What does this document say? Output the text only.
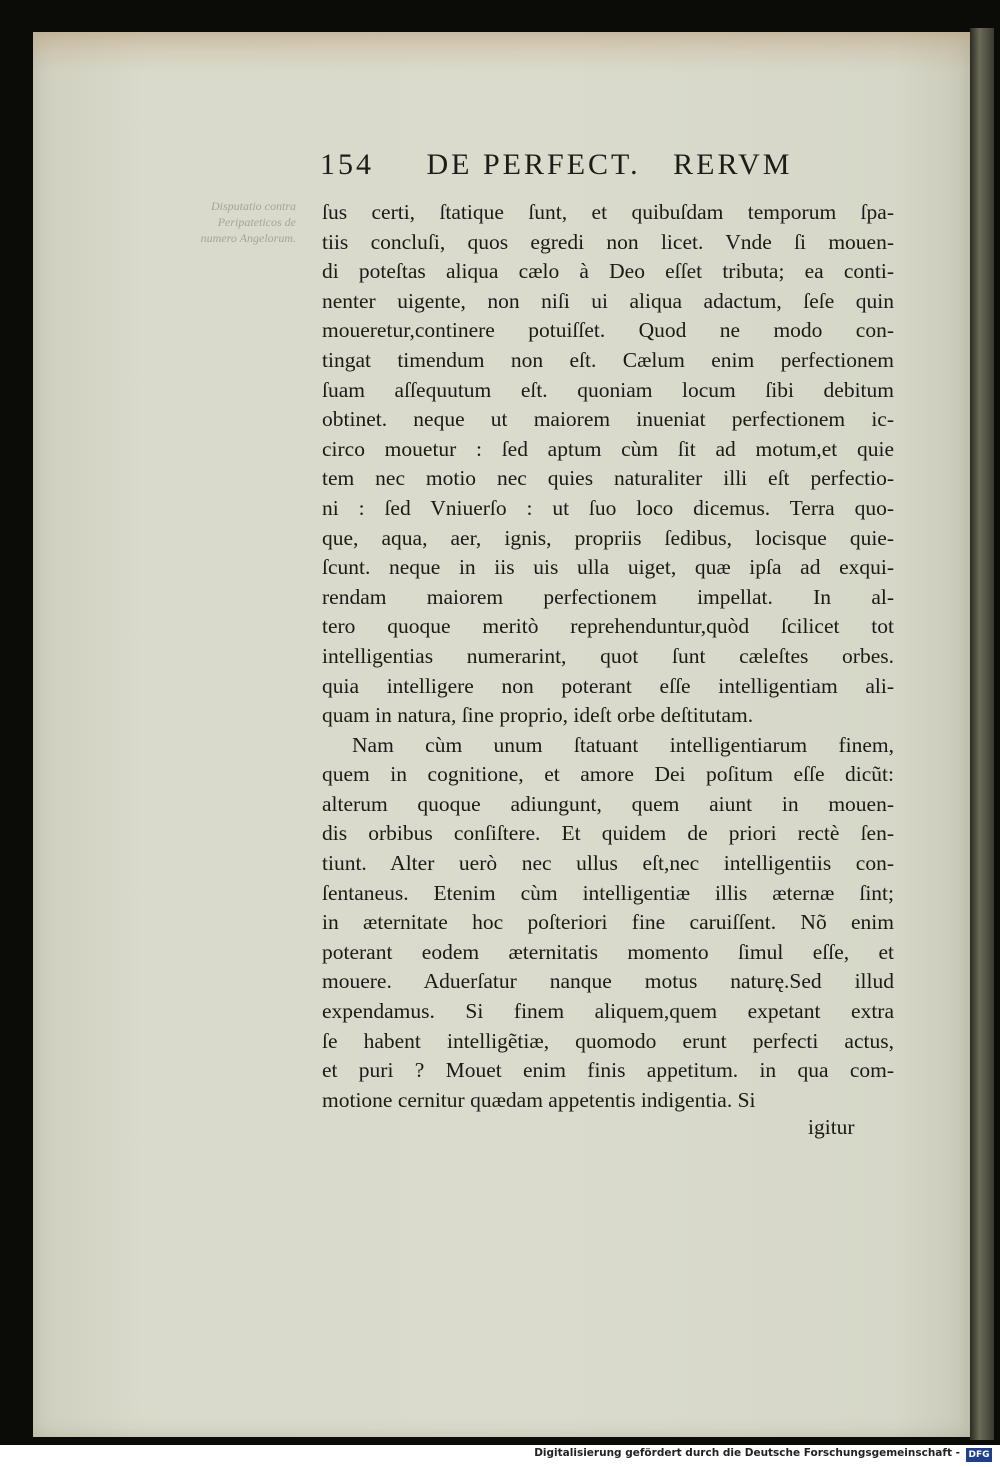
154 DE PERFECT. RERVM
Disputatio contra Peripateticos de numero Angelorum.
ſus certi, ſtatique ſunt, et quibuſdam temporum ſpa-
tiis concluſi, quos egredi non licet. Vnde ſi mouen-
di poteſtas aliqua cælo à Deo eſſet tributa; ea conti-
nenter uigente, non niſi ui aliqua adactum, ſeſe quin
moueretur,continere potuiſſet. Quod ne modo con-
tingat timendum non eſt. Cælum enim perfectionem
ſuam aſſequutum eſt. quoniam locum ſibi debitum
obtinet. neque ut maiorem inueniat perfectionem ic-
circo mouetur : ſed aptum cùm ſit ad motum,et quie
tem nec motio nec quies naturaliter illi eſt perfectio-
ni : ſed Vniuerſo : ut ſuo loco dicemus. Terra quo-
que, aqua, aer, ignis, propriis ſedibus, locisque quie-
ſcunt. neque in iis uis ulla uiget, quæ ipſa ad exqui-
rendam maiorem perfectionem impellat. In al-
tero quoque meritò reprehenduntur,quòd ſcilicet tot
intelligentias numerarint, quot ſunt cæleſtes orbes.
quia intelligere non poterant eſſe intelligentiam ali-
quam in natura, ſine proprio, ideſt orbe deſtitutam.
Nam cùm unum ſtatuant intelligentiarum finem,
quem in cognitione, et amore Dei poſitum eſſe dicũt:
alterum quoque adiungunt, quem aiunt in mouen-
dis orbibus conſiſtere. Et quidem de priori rectè ſen-
tiunt. Alter uerò nec ullus eſt,nec intelligentiis con-
ſentaneus. Etenim cùm intelligentiæ illis æternæ ſint;
in æternitate hoc poſteriori fine caruiſſent. Nõ enim
poterant eodem æternitatis momento ſimul eſſe, et
mouere. Aduerſatur nanque motus naturę.Sed illud
expendamus. Si finem aliquem,quem expetant extra
ſe habent intelligẽtiæ, quomodo erunt perfecti actus,
et puri ? Mouet enim finis appetitum. in qua com-
motione cernitur quædam appetentis indigentia. Si
igitur
Digitalisierung gefördert durch die Deutsche Forschungsgemeinschaft - DFG
